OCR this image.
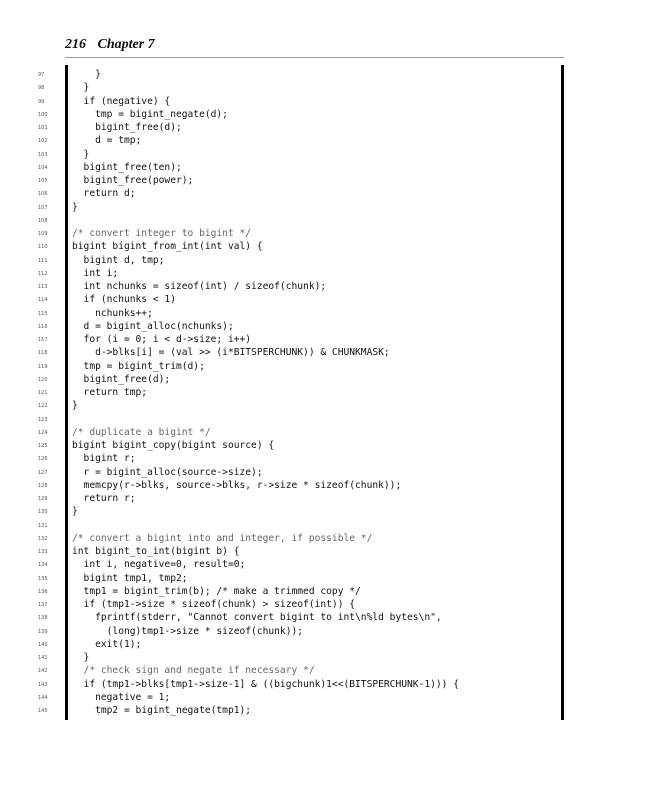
216 Chapter 7
97	}
98	}
99	if (negative) {
100	tmp = bigint_negate(d);
101	bigint_free(d);
102	d = tmp;
103	}
104	bigint_free(ten);
105	bigint_free(power);
106	return d;
107	}
108
109	/* convert integer to bigint */
110	bigint bigint_from_int(int val) {
111	bigint d, tmp;
112	int i;
113	int nchunks = sizeof(int) / sizeof(chunk);
114	if (nchunks < 1)
115	nchunks++;
116	d = bigint_alloc(nchunks);
117	for (i = 0; i < d->size; i++)
118	d->blks[i] = (val >> (i*BITSPERCHUNK)) & CHUNKMASK;
119	tmp = bigint_trim(d);
120	bigint_free(d);
121	return tmp;
122	}
123
124	/* duplicate a bigint */
125	bigint bigint_copy(bigint source) {
126	bigint r;
127	r = bigint_alloc(source->size);
128	memcpy(r->blks, source->blks, r->size * sizeof(chunk));
129	return r;
130	}
131
132	/* convert a bigint into and integer, if possible */
133	int bigint_to_int(bigint b) {
134	int i, negative=0, result=0;
135	bigint tmp1, tmp2;
136	tmp1 = bigint_trim(b); /* make a trimmed copy */
137	if (tmp1->size * sizeof(chunk) > sizeof(int)) {
138	fprintf(stderr, "Cannot convert bigint to int\n%ld bytes\n",
139	(long)tmp1->size * sizeof(chunk));
140	exit(1);
141	}
142	/* check sign and negate if necessary */
143	if (tmp1->blks[tmp1->size-1] & ((bigchunk)1<<(BITSPERCHUNK-1))) {
144	negative = 1;
145	tmp2 = bigint_negate(tmp1);
